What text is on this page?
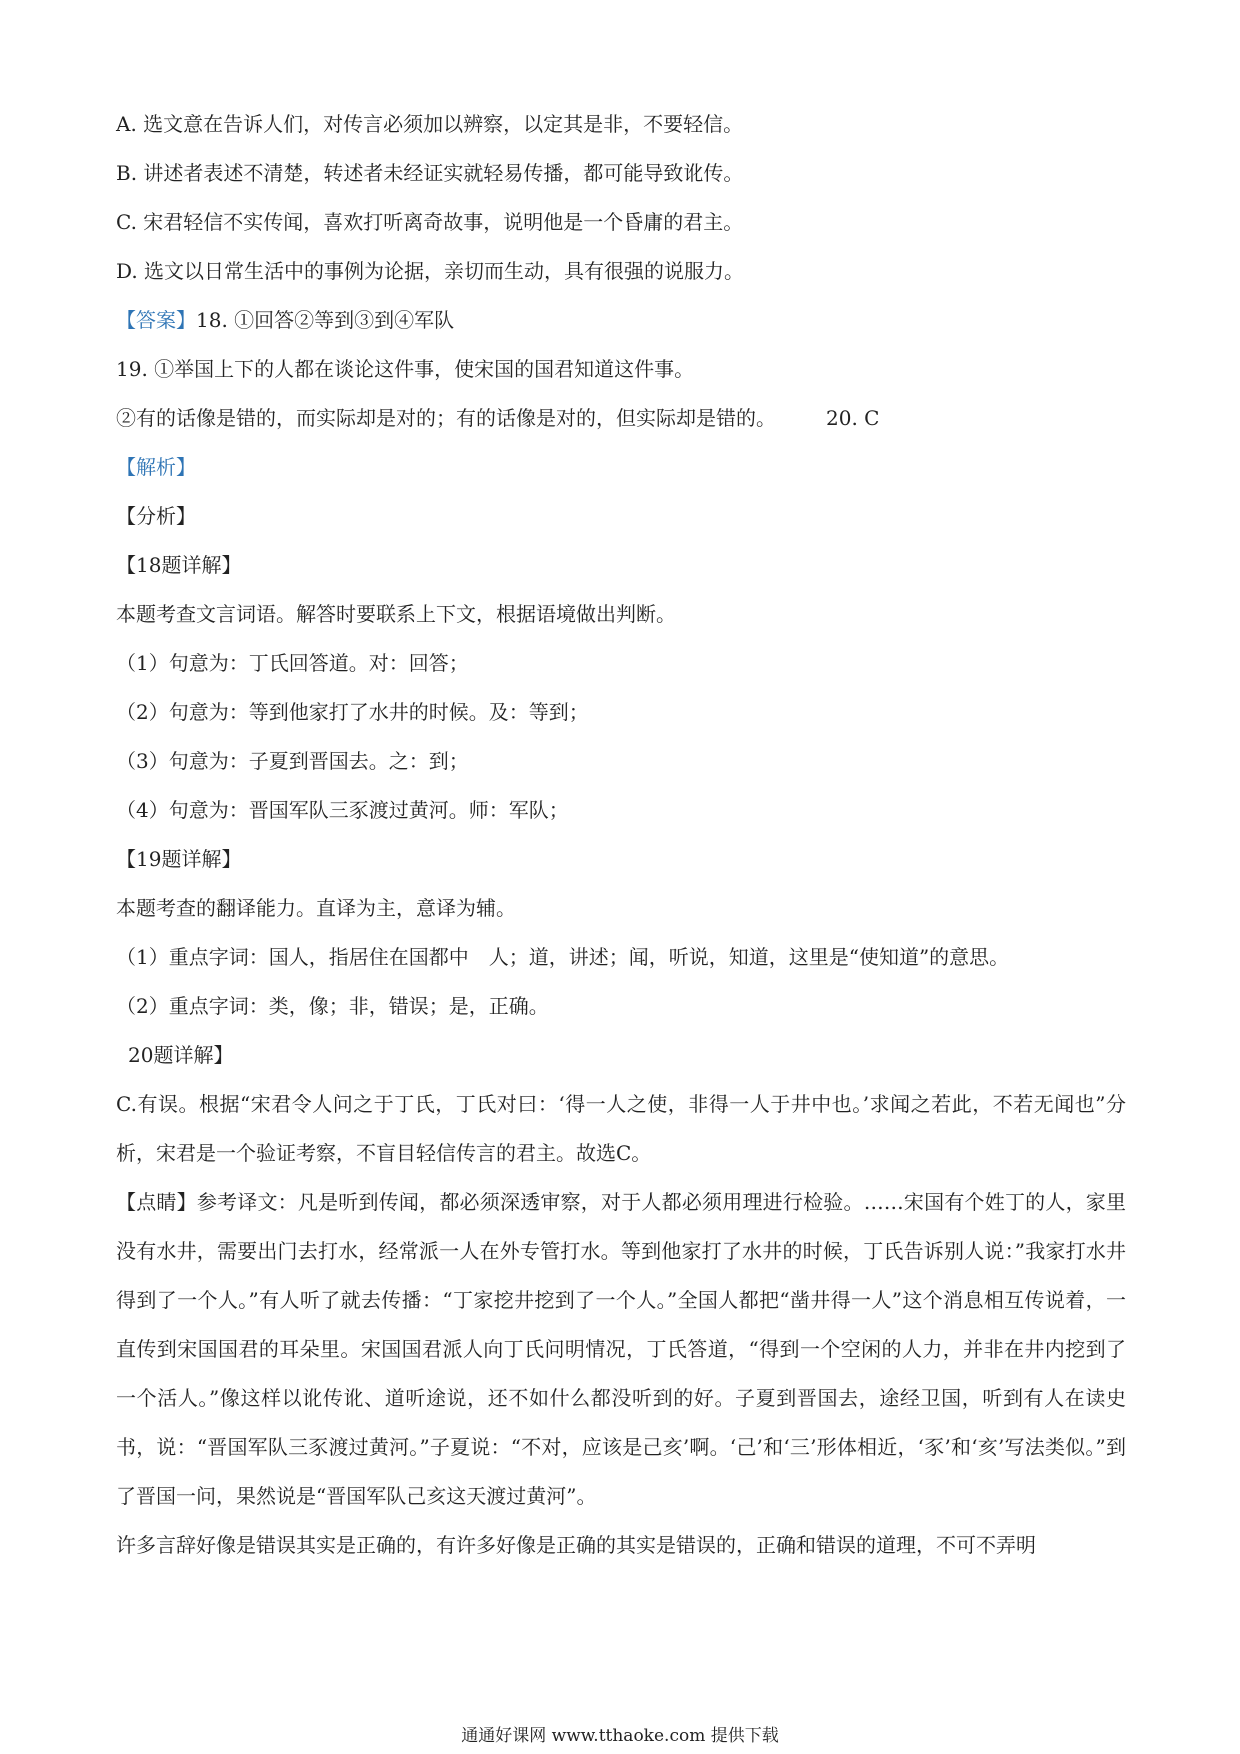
A. 选文意在告诉人们，对传言必须加以辨察，以定其是非，不要轻信。
B. 讲述者表述不清楚，转述者未经证实就轻易传播，都可能导致讹传。
C. 宋君轻信不实传闻，喜欢打听离奇故事，说明他是一个昏庸的君主。
D. 选文以日常生活中的事例为论据，亲切而生动，具有很强的说服力。
【答案】18. ①回答②等到③到④军队
19. ①举国上下的人都在谈论这件事，使宋国的国君知道这件事。
②有的话像是错的，而实际却是对的；有的话像是对的，但实际却是错的。	20. C
【解析】
【分析】
【18题详解】
本题考查文言词语。解答时要联系上下文，根据语境做出判断。
（1）句意为：丁氏回答道。对：回答；
（2）句意为：等到他家打了水井的时候。及：等到；
（3）句意为：子夏到晋国去。之：到；
（4）句意为：晋国军队三豕渡过黄河。师：军队；
【19题详解】
本题考查的翻译能力。直译为主，意译为辅。
（1）重点字词：国人，指居住在国都中　人；道，讲述；闻，听说，知道，这里是“使知道”的意思。
（2）重点字词：类，像；非，错误；是，正确。
20题详解】
C.有误。根据“宋君令人问之于丁氏，丁氏对曰：‘得一人之使，非得一人于井中也。’求闻之若此，不若无闻也”分析，宋君是一个验证考察，不盲目轻信传言的君主。故选C。
【点睛】参考译文：凡是听到传闻，都必须深透审察，对于人都必须用理进行检验。……宋国有个姓丁的人，家里没有水井，需要出门去打水，经常派一人在外专管打水。等到他家打了水井的时候，丁氏告诉别人说：”我家打水井得到了一个人。”有人听了就去传播：“丁家挖井挖到了一个人。”全国人都把“凿井得一人”这个消息相互传说着，一直传到宋国国君的耳朵里。宋国国君派人向丁氏问明情况，丁氏答道，“得到一个空闲的人力，并非在井内挖到了一个活人。”像这样以讹传讹、道听途说，还不如什么都没听到的好。子夏到晋国去，途经卫国，听到有人在读史书，说：“晋国军队三豕渡过黄河。”子夏说：“不对，应该是己亥’啊。‘己’和‘三’形体相近，‘豕’和‘亥’写法类似。”到了晋国一问，果然说是“晋国军队己亥这天渡过黄河”。
许多言辞好像是错误其实是正确的，有许多好像是正确的其实是错误的，正确和错误的道理，不可不弄明
通通好课网 www.tthaoke.com 提供下载
